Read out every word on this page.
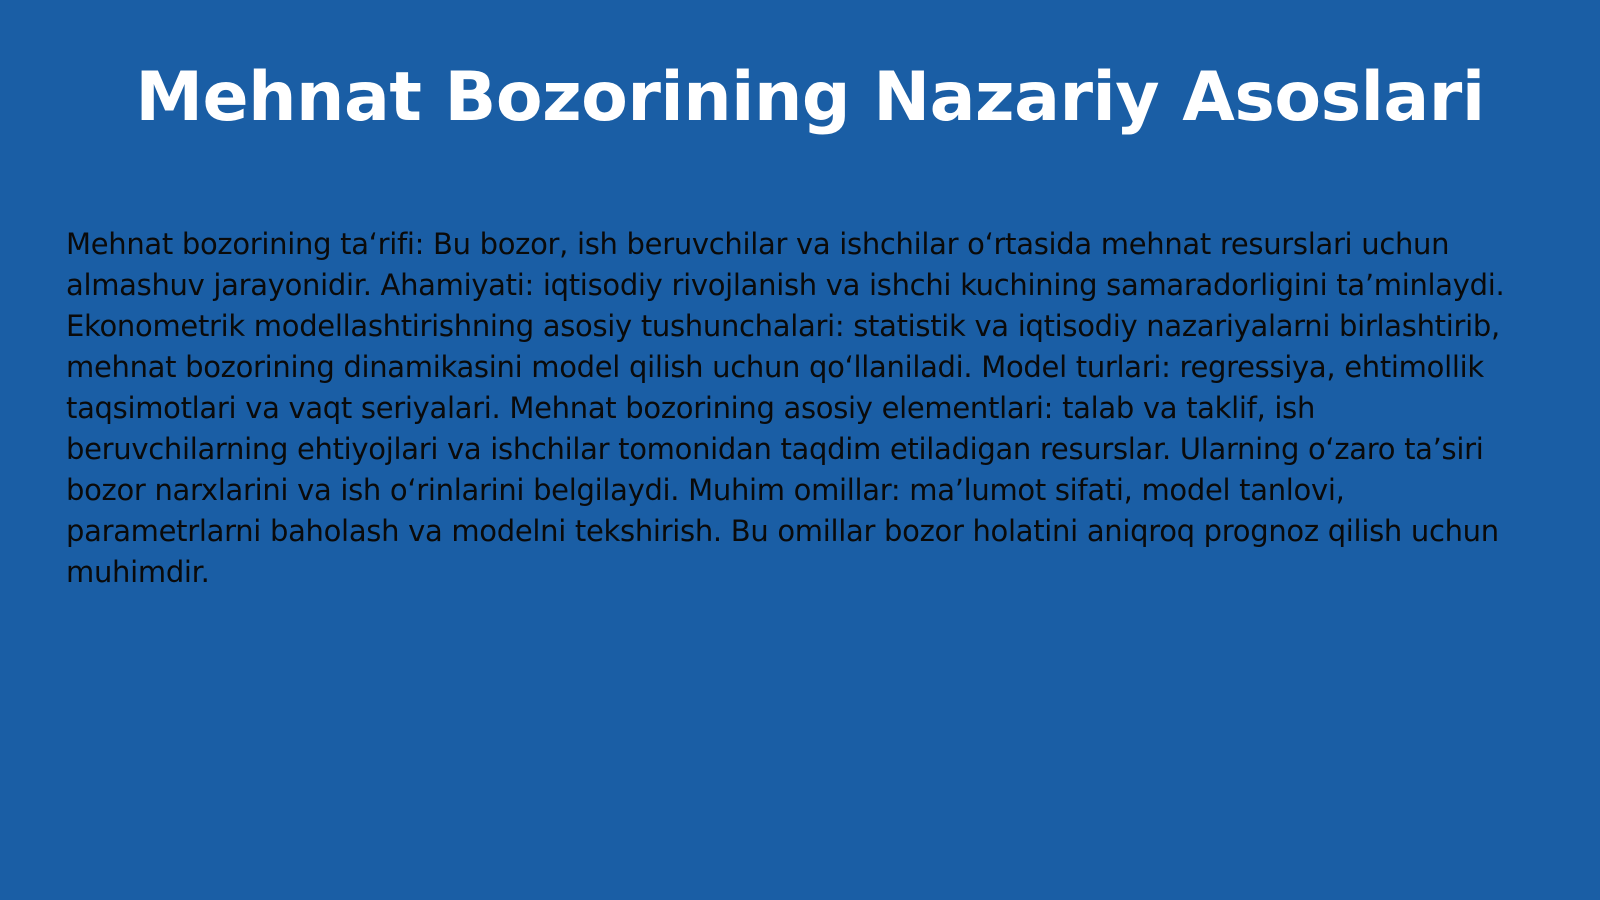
Mehnat Bozorining Nazariy Asoslari

Mehnat bozorining taʻrifi: Bu bozor, ish beruvchilar va ishchilar oʻrtasida mehnat resurslari uchun almashuv jarayonidir. Ahamiyati: iqtisodiy rivojlanish va ishchi kuchining samaradorligini taʼminlaydi. Ekonometrik modellashtirishning asosiy tushunchalari: statistik va iqtisodiy nazariyalarni birlashtirib, mehnat bozorining dinamikasini model qilish uchun qoʻllaniladi. Model turlari: regressiya, ehtimollik taqsimotlari va vaqt seriyalari. Mehnat bozorining asosiy elementlari: talab va taklif, ish beruvchilarning ehtiyojlari va ishchilar tomonidan taqdim etiladigan resurslar. Ularning oʻzaro taʼsiri bozor narxlarini va ish oʻrinlarini belgilaydi. Muhim omillar: maʼlumot sifati, model tanlovi, parametrlarni baholash va modelni tekshirish. Bu omillar bozor holatini aniqroq prognoz qilish uchun muhimdir.
